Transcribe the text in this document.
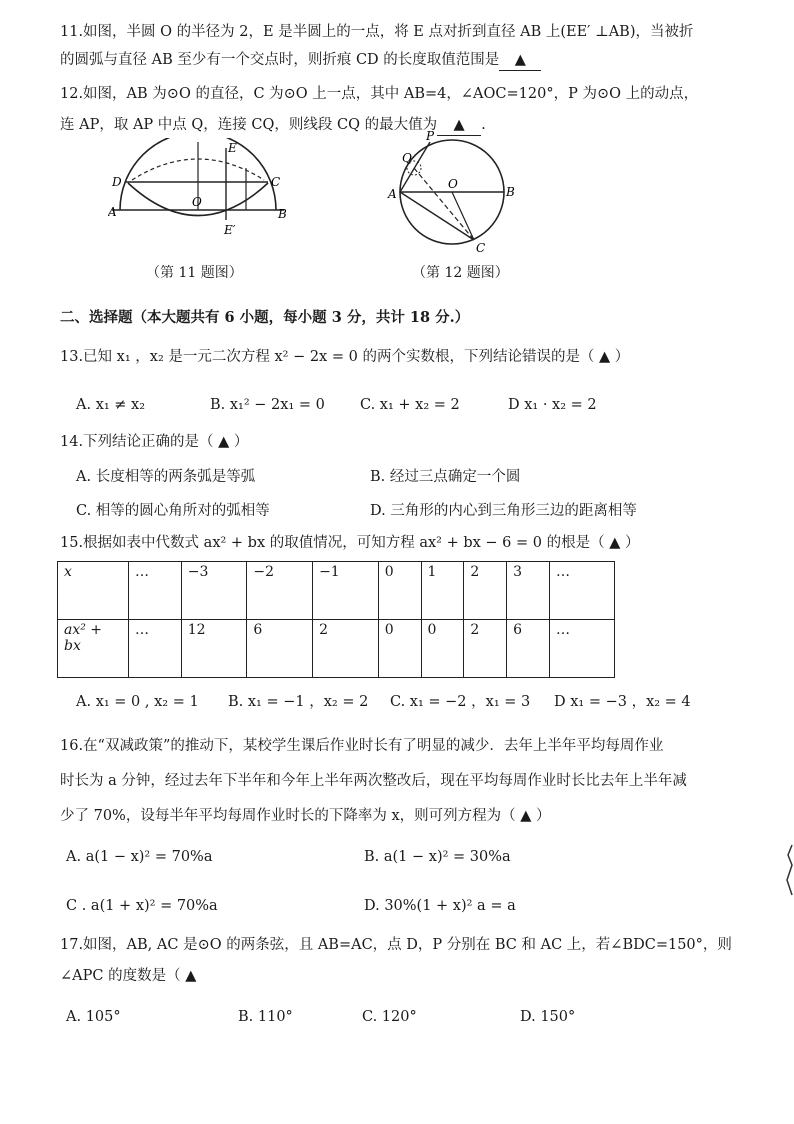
11.如图，半圆 O 的半径为 2，E 是半圆上的一点，将 E 点对折到直径 AB 上(EE′ ⊥AB)，当被折
的圆弧与直径 AB 至少有一个交点时，则折痕 CD 的长度取值范围是 ▲
12.如图，AB 为⊙O 的直径，C 为⊙O 上一点，其中 AB=4，∠AOC=120°，P 为⊙O 上的动点，
连 AP，取 AP 中点 Q，连接 CQ，则线段 CQ 的最大值为 ▲ .
D	C
E
A	B
O
E′
（第 11 题图）
P
Q
O
A	B
C
（第 12 题图）
二、选择题（本大题共有 6 小题，每小题 3 分，共计 18 分.）
13.已知 x₁ ，x₂ 是一元二次方程 x² − 2x = 0 的两个实数根，下列结论错误的是（ ▲ ）
A. x₁ ≠ x₂	B. x₁² − 2x₁ = 0 C. x₁ + x₂ = 2	D x₁ · x₂ = 2
14.下列结论正确的是（ ▲ ）
A. 长度相等的两条弧是等弧	B. 经过三点确定一个圆
C. 相等的圆心角所对的弧相等	D. 三角形的内心到三角形三边的距离相等
15.根据如表中代数式 ax² + bx 的取值情况，可知方程 ax² + bx − 6 = 0 的根是（ ▲ ）
x	…	−3	−2	−1	0	1	2	3	…
ax² + bx	…	12	6	2	0	0	2	6	…
A. x₁ = 0 , x₂ = 1 B. x₁ = −1 ，x₂ = 2 C. x₁ = −2 ，x₁ = 3 D x₁ = −3 ，x₂ = 4
16.在“双减政策”的推动下，某校学生课后作业时长有了明显的减少．去年上半年平均每周作业
时长为 a 分钟，经过去年下半年和今年上半年两次整改后，现在平均每周作业时长比去年上半年减
少了 70%，设每半年平均每周作业时长的下降率为 x，则可列方程为（ ▲ ）
A. a(1 − x)² = 70%a	B. a(1 − x)² = 30%a
C . a(1 + x)² = 70%a	D. 30%(1 + x)² a = a
17.如图，AB, AC 是⊙O 的两条弦，且 AB=AC，点 D，P 分别在 BC 和 AC 上，若∠BDC=150°，则
∠APC 的度数是（ ▲
A. 105°	B. 110°	C. 120°	D. 150°
